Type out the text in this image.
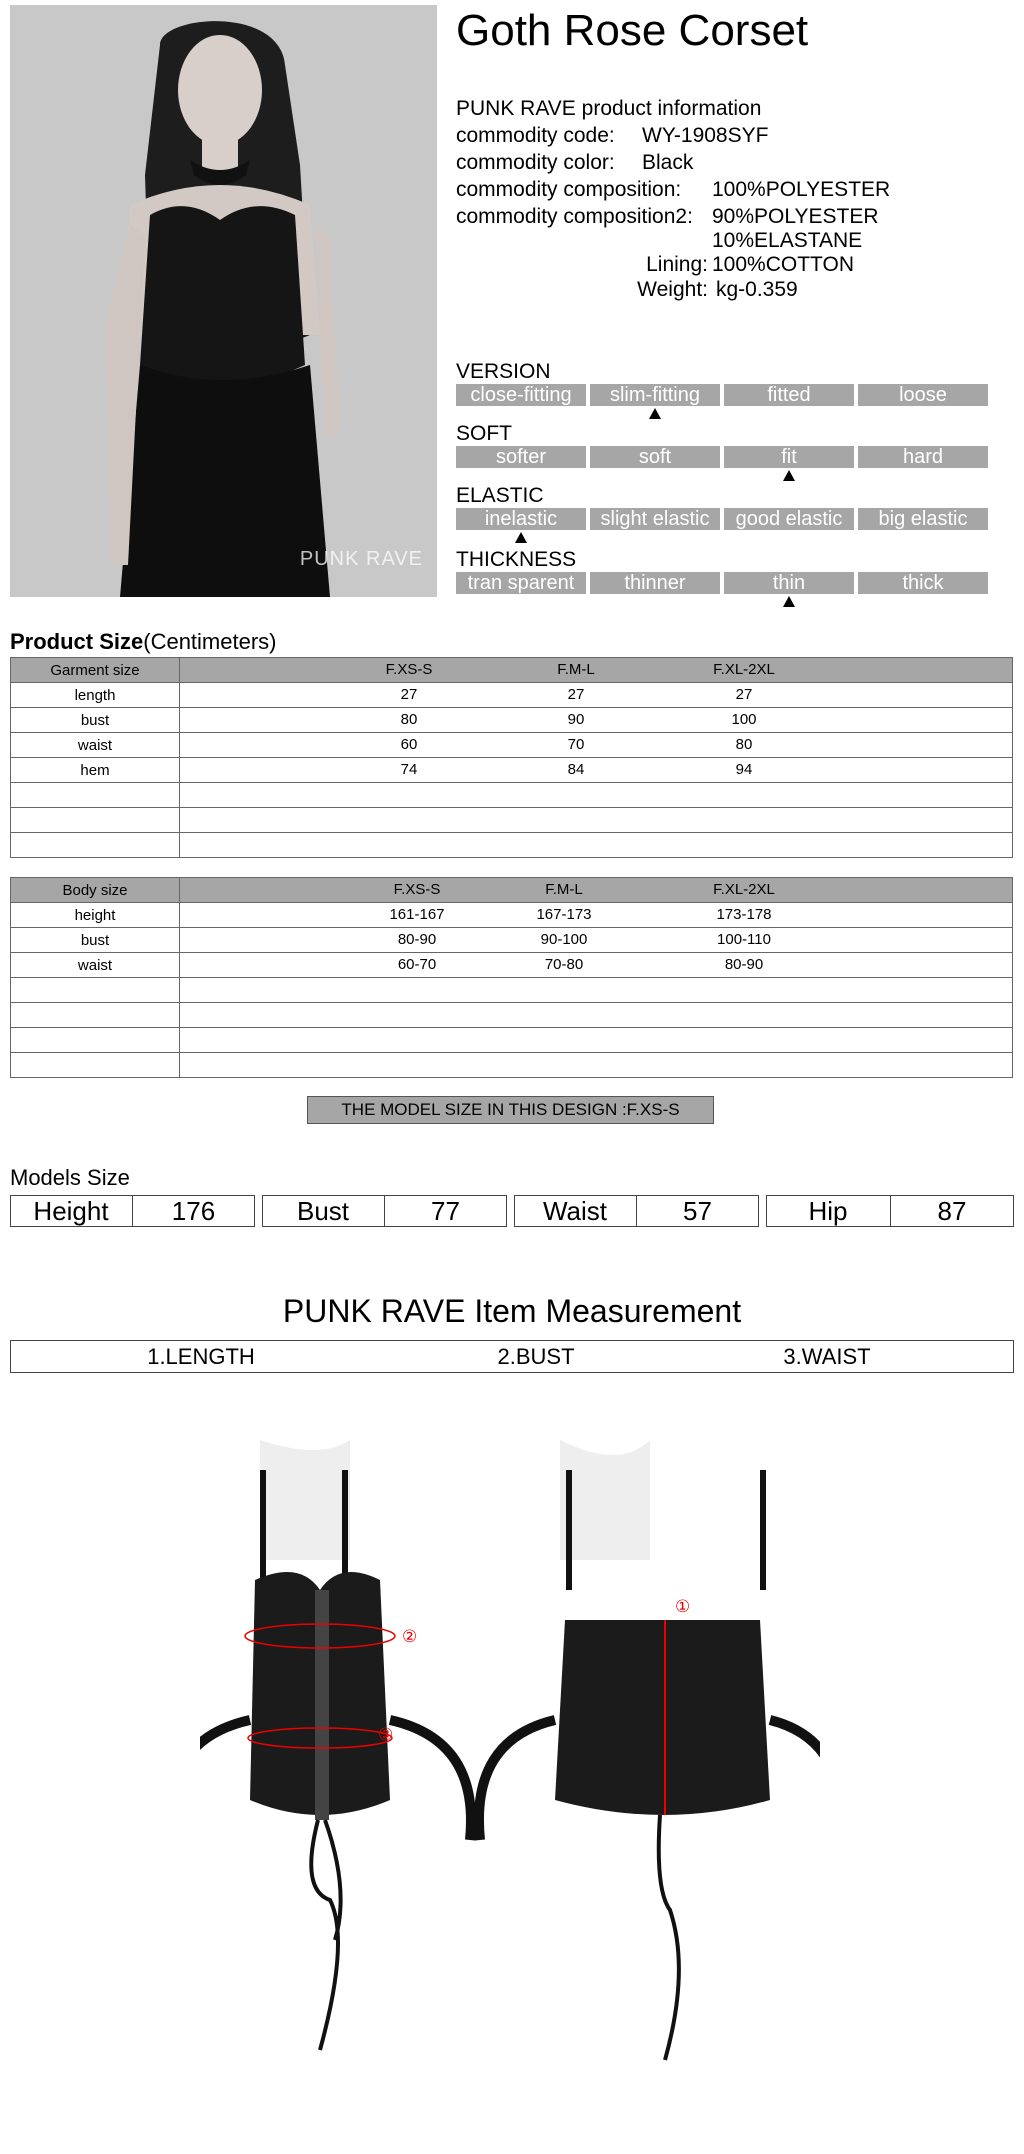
PUNK RAVE
Goth Rose Corset
PUNK RAVE product information
commodity code: WY-1908SYF
commodity color: Black
commodity composition: 100%POLYESTER
commodity composition2: 90%POLYESTER
10%ELASTANE
Lining: 100%COTTON
Weight: kg-0.359
VERSION
close-fitting	slim-fitting	fitted	loose
SOFT
softer	soft	fit	hard
ELASTIC
inelastic	slight elastic	good elastic	big elastic
THICKNESS
tran sparent	thinner	thin	thick
Product Size(Centimeters)
Garment size	F.XS-S F.M-L F.XL-2XL

length	27 27 27

bust	80 90 100

waist	60 70 80

hem	74 84 94

Body size	F.XS-S F.M-L F.XL-2XL

height	161-167 167-173 173-178

bust	80-90 90-100 100-110

waist	60-70 70-80 80-90

THE MODEL SIZE IN THIS DESIGN :F.XS-S
Models Size
Height	176	Bust	77	Waist	57	Hip	87
PUNK RAVE Item Measurement
1.LENGTH	2.BUST	3.WAIST
①
②
③
